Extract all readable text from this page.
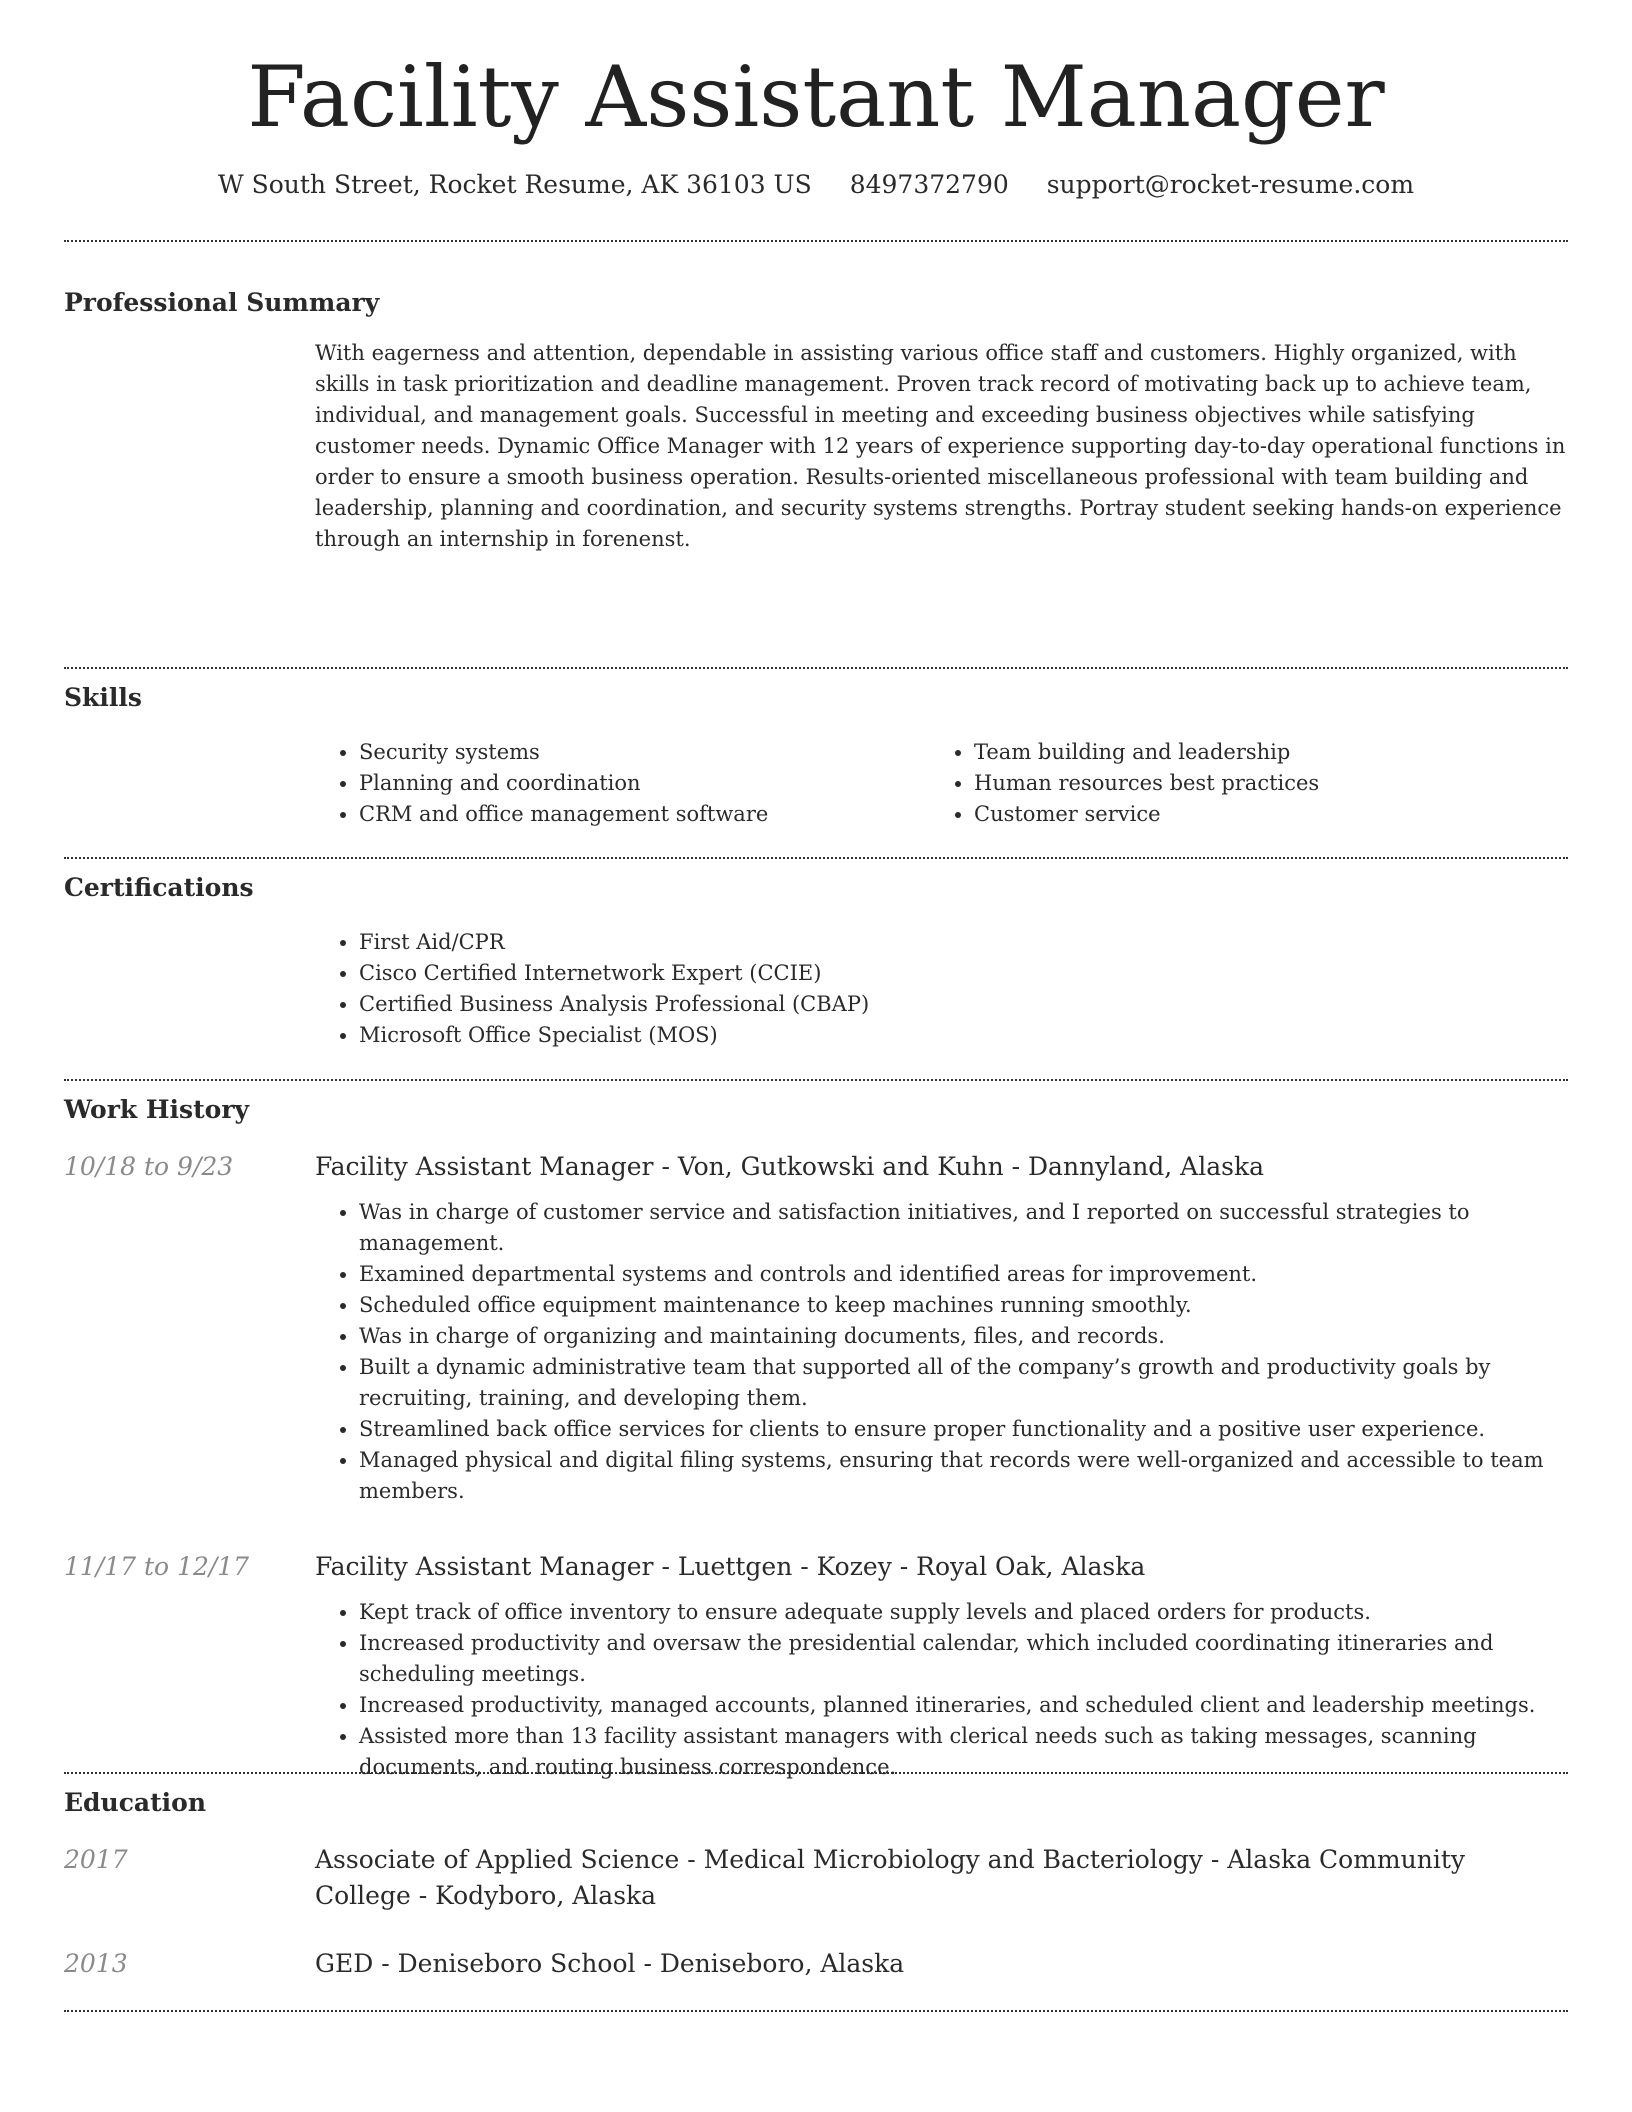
Facility Assistant Manager
W South Street, Rocket Resume, AK 36103 US 8497372790 support@rocket-resume.com
Professional Summary

With eagerness and attention, dependable in assisting various office staff and customers. Highly organized, with skills in task prioritization and deadline management. Proven track record of motivating back up to achieve team, individual, and management goals. Successful in meeting and exceeding business objectives while satisfying customer needs. Dynamic Office Manager with 12 years of experience supporting day-to-day operational functions in order to ensure a smooth business operation. Results-oriented miscellaneous professional with team building and leadership, planning and coordination, and security systems strengths. Portray student seeking hands-on experience through an internship in forenenst.

Skills
• Security systems
• Planning and coordination
• CRM and office management software
• Team building and leadership
• Human resources best practices
• Customer service
Certifications
• First Aid/CPR
• Cisco Certified Internetwork Expert (CCIE)
• Certified Business Analysis Professional (CBAP)
• Microsoft Office Specialist (MOS)
Work History
10/18 to 9/23	Facility Assistant Manager - Von, Gutkowski and Kuhn - Dannyland, Alaska
• Was in charge of customer service and satisfaction initiatives, and I reported on successful strategies to management.
• Examined departmental systems and controls and identified areas for improvement.
• Scheduled office equipment maintenance to keep machines running smoothly.
• Was in charge of organizing and maintaining documents, files, and records.
• Built a dynamic administrative team that supported all of the company’s growth and productivity goals by recruiting, training, and developing them.
• Streamlined back office services for clients to ensure proper functionality and a positive user experience.
• Managed physical and digital filing systems, ensuring that records were well-organized and accessible to team members.
11/17 to 12/17	Facility Assistant Manager - Luettgen - Kozey - Royal Oak, Alaska
• Kept track of office inventory to ensure adequate supply levels and placed orders for products.
• Increased productivity and oversaw the presidential calendar, which included coordinating itineraries and scheduling meetings.
• Increased productivity, managed accounts, planned itineraries, and scheduled client and leadership meetings.
• Assisted more than 13 facility assistant managers with clerical needs such as taking messages, scanning documents, and routing business correspondence.
Education
2017	Associate of Applied Science - Medical Microbiology and Bacteriology - Alaska Community College - Kodyboro, Alaska
2013	GED - Deniseboro School - Deniseboro, Alaska
